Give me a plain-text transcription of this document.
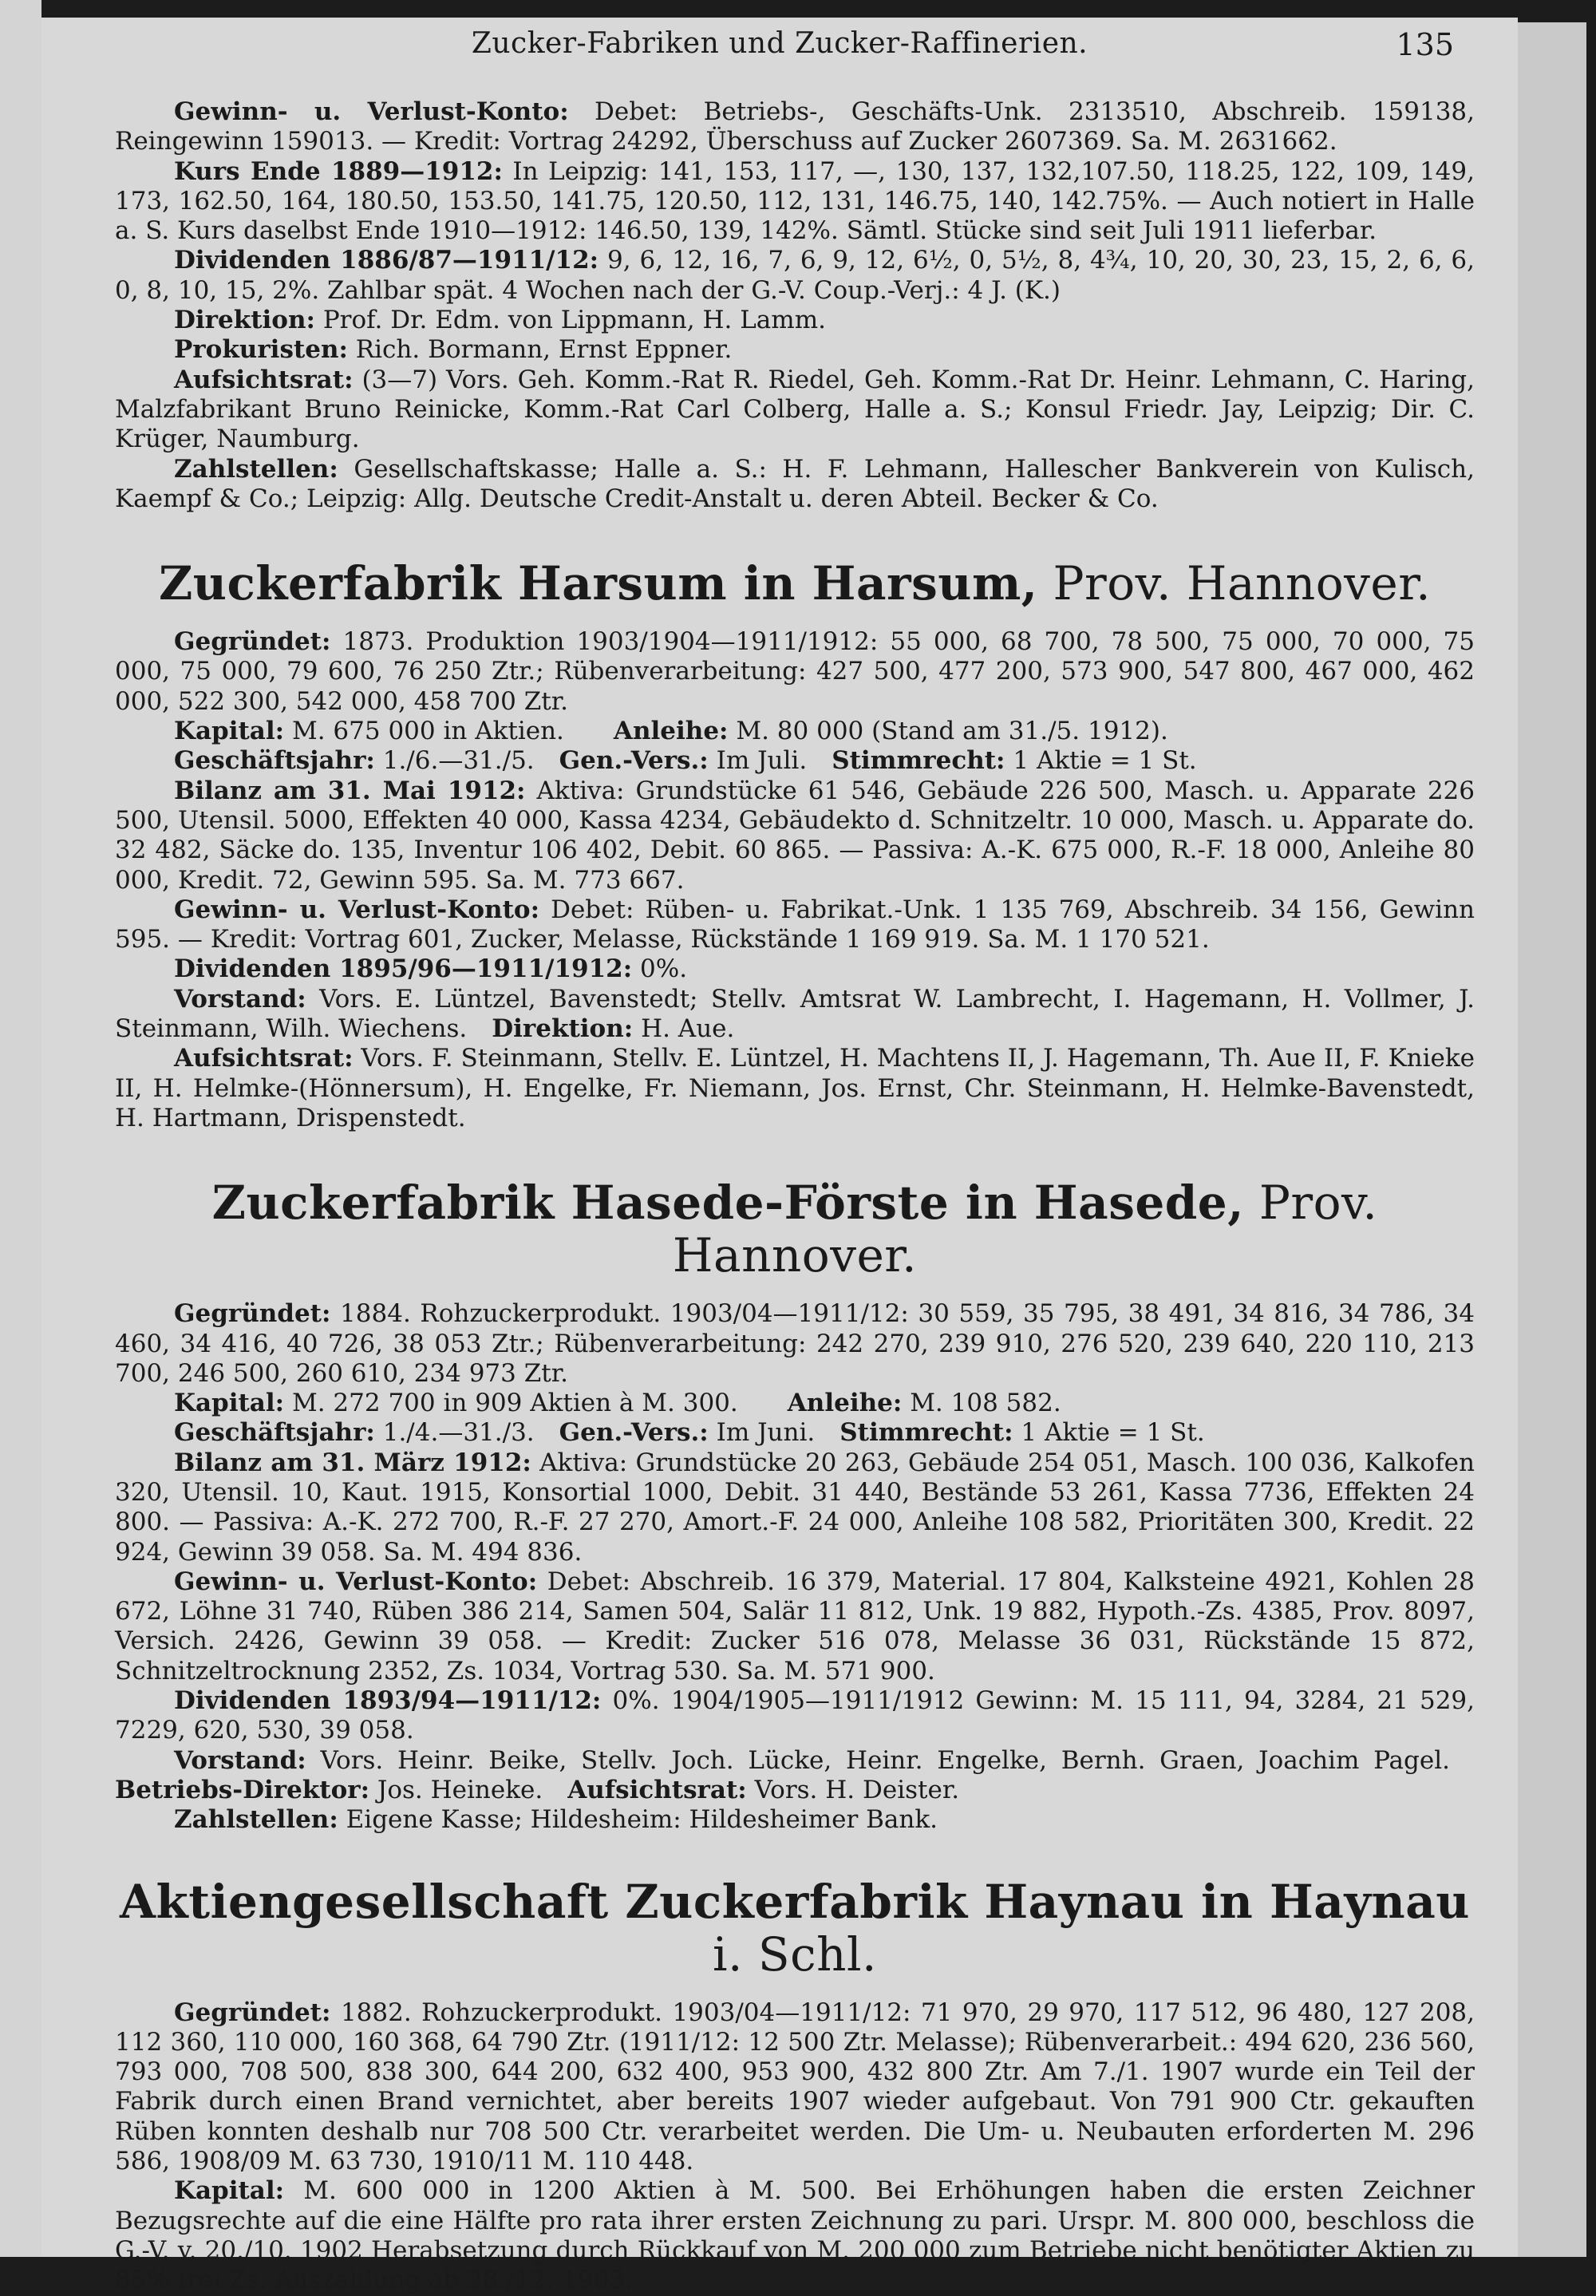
Zucker-Fabriken und Zucker-Raffinerien.	135

Gewinn- u. Verlust-Konto: Debet: Betriebs-, Geschäfts-Unk. 2313510, Abschreib. 159138, Reingewinn 159013. — Kredit: Vortrag 24292, Überschuss auf Zucker 2607369. Sa. M. 2631662.

Kurs Ende 1889—1912: In Leipzig: 141, 153, 117, —, 130, 137, 132,107.50, 118.25, 122, 109, 149, 173, 162.50, 164, 180.50, 153.50, 141.75, 120.50, 112, 131, 146.75, 140, 142.75%. — Auch notiert in Halle a. S. Kurs daselbst Ende 1910—1912: 146.50, 139, 142%. Sämtl. Stücke sind seit Juli 1911 lieferbar.

Dividenden 1886/87—1911/12: 9, 6, 12, 16, 7, 6, 9, 12, 6½, 0, 5½, 8, 4¾, 10, 20, 30, 23, 15, 2, 6, 6, 0, 8, 10, 15, 2%. Zahlbar spät. 4 Wochen nach der G.-V. Coup.-Verj.: 4 J. (K.)

Direktion: Prof. Dr. Edm. von Lippmann, H. Lamm.

Prokuristen: Rich. Bormann, Ernst Eppner.

Aufsichtsrat: (3—7) Vors. Geh. Komm.-Rat R. Riedel, Geh. Komm.-Rat Dr. Heinr. Lehmann, C. Haring, Malzfabrikant Bruno Reinicke, Komm.-Rat Carl Colberg, Halle a. S.; Konsul Friedr. Jay, Leipzig; Dir. C. Krüger, Naumburg.

Zahlstellen: Gesellschaftskasse; Halle a. S.: H. F. Lehmann, Hallescher Bankverein von Kulisch, Kaempf & Co.; Leipzig: Allg. Deutsche Credit-Anstalt u. deren Abteil. Becker & Co.

Zuckerfabrik Harsum in Harsum, Prov. Hannover.

Gegründet: 1873. Produktion 1903/1904—1911/1912: 55 000, 68 700, 78 500, 75 000, 70 000, 75 000, 75 000, 79 600, 76 250 Ztr.; Rübenverarbeitung: 427 500, 477 200, 573 900, 547 800, 467 000, 462 000, 522 300, 542 000, 458 700 Ztr.

Kapital: M. 675 000 in Aktien.   Anleihe: M. 80 000 (Stand am 31./5. 1912).

Geschäftsjahr: 1./6.—31./5.  Gen.-Vers.: Im Juli.  Stimmrecht: 1 Aktie = 1 St.

Bilanz am 31. Mai 1912: Aktiva: Grundstücke 61 546, Gebäude 226 500, Masch. u. Apparate 226 500, Utensil. 5000, Effekten 40 000, Kassa 4234, Gebäudekto d. Schnitzeltr. 10 000, Masch. u. Apparate do. 32 482, Säcke do. 135, Inventur 106 402, Debit. 60 865. — Passiva: A.-K. 675 000, R.-F. 18 000, Anleihe 80 000, Kredit. 72, Gewinn 595. Sa. M. 773 667.

Gewinn- u. Verlust-Konto: Debet: Rüben- u. Fabrikat.-Unk. 1 135 769, Abschreib. 34 156, Gewinn 595. — Kredit: Vortrag 601, Zucker, Melasse, Rückstände 1 169 919. Sa. M. 1 170 521.

Dividenden 1895/96—1911/1912: 0%.

Vorstand: Vors. E. Lüntzel, Bavenstedt; Stellv. Amtsrat W. Lambrecht, I. Hagemann, H. Vollmer, J. Steinmann, Wilh. Wiechens.  Direktion: H. Aue.

Aufsichtsrat: Vors. F. Steinmann, Stellv. E. Lüntzel, H. Machtens II, J. Hagemann, Th. Aue II, F. Knieke II, H. Helmke-(Hönnersum), H. Engelke, Fr. Niemann, Jos. Ernst, Chr. Steinmann, H. Helmke-Bavenstedt, H. Hartmann, Drispenstedt.

Zuckerfabrik Hasede-Förste in Hasede, Prov. Hannover.

Gegründet: 1884. Rohzuckerprodukt. 1903/04—1911/12: 30 559, 35 795, 38 491, 34 816, 34 786, 34 460, 34 416, 40 726, 38 053 Ztr.; Rübenverarbeitung: 242 270, 239 910, 276 520, 239 640, 220 110, 213 700, 246 500, 260 610, 234 973 Ztr.

Kapital: M. 272 700 in 909 Aktien à M. 300.   Anleihe: M. 108 582.

Geschäftsjahr: 1./4.—31./3.  Gen.-Vers.: Im Juni.  Stimmrecht: 1 Aktie = 1 St.

Bilanz am 31. März 1912: Aktiva: Grundstücke 20 263, Gebäude 254 051, Masch. 100 036, Kalkofen 320, Utensil. 10, Kaut. 1915, Konsortial 1000, Debit. 31 440, Bestände 53 261, Kassa 7736, Effekten 24 800. — Passiva: A.-K. 272 700, R.-F. 27 270, Amort.-F. 24 000, Anleihe 108 582, Prioritäten 300, Kredit. 22 924, Gewinn 39 058. Sa. M. 494 836.

Gewinn- u. Verlust-Konto: Debet: Abschreib. 16 379, Material. 17 804, Kalksteine 4921, Kohlen 28 672, Löhne 31 740, Rüben 386 214, Samen 504, Salär 11 812, Unk. 19 882, Hypoth.-Zs. 4385, Prov. 8097, Versich. 2426, Gewinn 39 058. — Kredit: Zucker 516 078, Melasse 36 031, Rückstände 15 872, Schnitzeltrocknung 2352, Zs. 1034, Vortrag 530. Sa. M. 571 900.

Dividenden 1893/94—1911/12: 0%. 1904/1905—1911/1912 Gewinn: M. 15 111, 94, 3284, 21 529, 7229, 620, 530, 39 058.

Vorstand: Vors. Heinr. Beike, Stellv. Joch. Lücke, Heinr. Engelke, Bernh. Graen, Joachim Pagel. Betriebs-Direktor: Jos. Heineke.  Aufsichtsrat: Vors. H. Deister.

Zahlstellen: Eigene Kasse; Hildesheim: Hildesheimer Bank.

Aktiengesellschaft Zuckerfabrik Haynau in Haynau i. Schl.

Gegründet: 1882. Rohzuckerprodukt. 1903/04—1911/12: 71 970, 29 970, 117 512, 96 480, 127 208, 112 360, 110 000, 160 368, 64 790 Ztr. (1911/12: 12 500 Ztr. Melasse); Rübenverarbeit.: 494 620, 236 560, 793 000, 708 500, 838 300, 644 200, 632 400, 953 900, 432 800 Ztr. Am 7./1. 1907 wurde ein Teil der Fabrik durch einen Brand vernichtet, aber bereits 1907 wieder aufgebaut. Von 791 900 Ctr. gekauften Rüben konnten deshalb nur 708 500 Ctr. verarbeitet werden. Die Um- u. Neubauten erforderten M. 296 586, 1908/09 M. 63 730, 1910/11 M. 110 448.

Kapital: M. 600 000 in 1200 Aktien à M. 500. Bei Erhöhungen haben die ersten Zeichner Bezugsrechte auf die eine Hälfte pro rata ihrer ersten Zeichnung zu pari. Urspr. M. 800 000, beschloss die G.-V. v. 20./10. 1902 Herabsetzung durch Rückkauf von M. 200 000 zum Betriebe nicht benötigter Aktien zu 85% frei Zs. Auszahlung ab 28./12. 1903.
